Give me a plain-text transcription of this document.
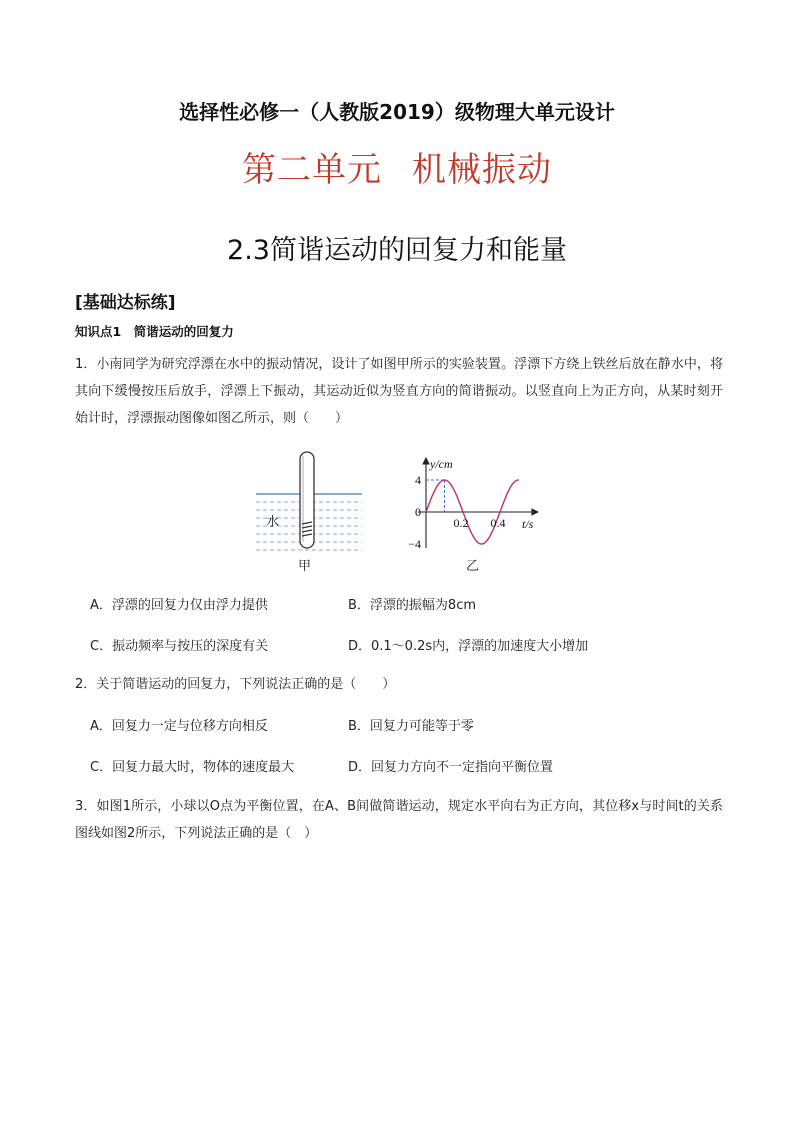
选择性必修一（人教版2019）级物理大单元设计
第二单元 机械振动
2.3简谐运动的回复力和能量
[基础达标练]
知识点1　简谐运动的回复力
1．小南同学为研究浮漂在水中的振动情况，设计了如图甲所示的实验装置。浮漂下方绕上铁丝后放在静水中，将其向下缓慢按压后放手，浮漂上下振动，其运动近似为竖直方向的简谐振动。以竖直向上为正方向，从某时刻开始计时，浮漂振动图像如图乙所示，则（　　）
水
甲
y/cm
t/s
4
0
−4
0.2 0.4
乙
A．浮漂的回复力仅由浮力提供	B．浮漂的振幅为8cm
C．振动频率与按压的深度有关	D．0.1～0.2s内，浮漂的加速度大小增加
2．关于简谐运动的回复力，下列说法正确的是（　　）
A．回复力一定与位移方向相反	B．回复力可能等于零
C．回复力最大时，物体的速度最大	D．回复力方向不一定指向平衡位置
3．如图1所示，小球以O点为平衡位置，在A、B间做简谐运动，规定水平向右为正方向，其位移x与时间t的关系图线如图2所示，下列说法正确的是（　）
